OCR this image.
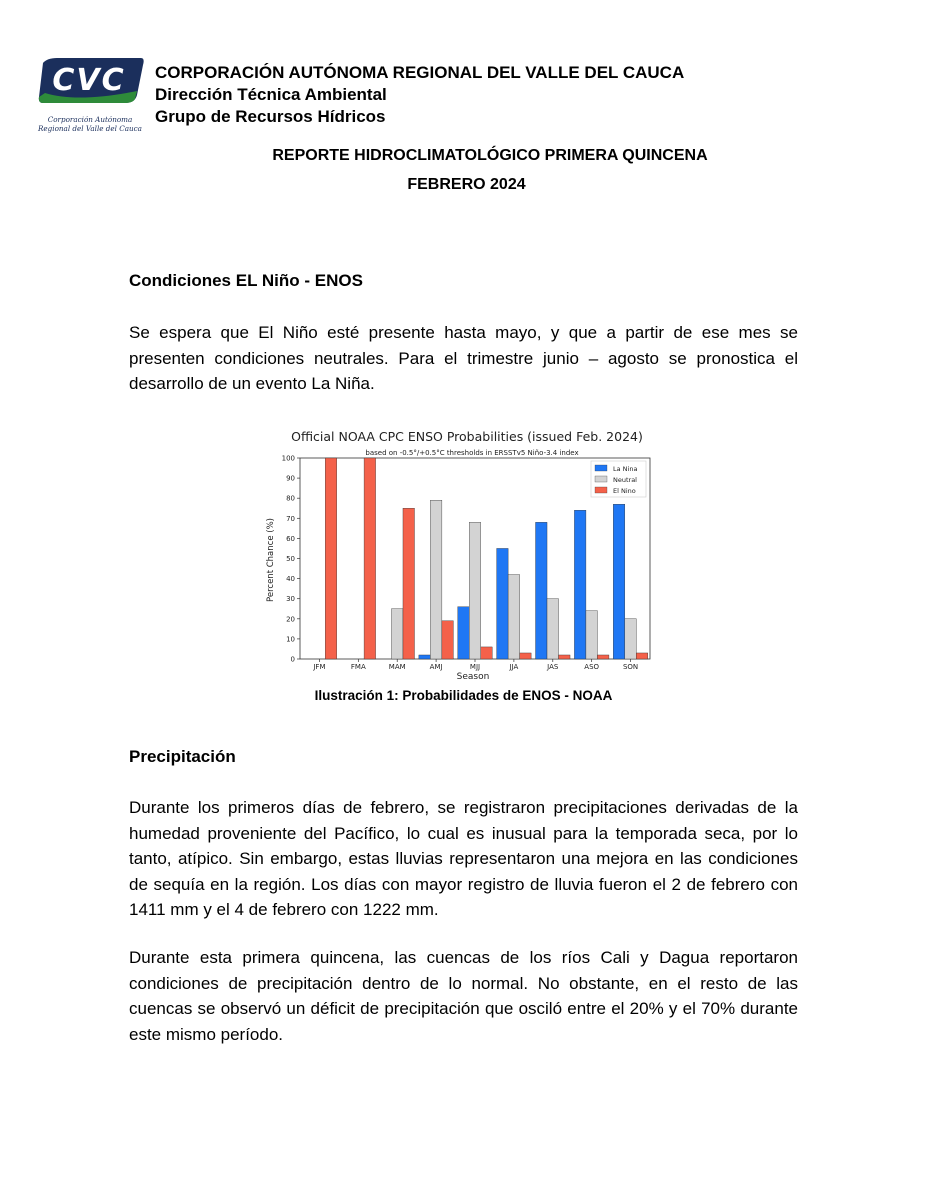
CVC
Corporación Autónoma
Regional del Valle del Cauca
CORPORACIÓN AUTÓNOMA REGIONAL DEL VALLE DEL CAUCA
Dirección Técnica Ambiental
Grupo de Recursos Hídricos
REPORTE HIDROCLIMATOLÓGICO PRIMERA QUINCENA
FEBRERO 2024
Condiciones EL Niño - ENOS

Se espera que El Niño esté presente hasta mayo, y que a partir de ese mes se presenten condiciones neutrales. Para el trimestre junio – agosto se pronostica el desarrollo de un evento La Niña.

Official NOAA CPC ENSO Probabilities (issued Feb. 2024)
based on -0.5°/+0.5°C thresholds in ERSSTv5 Niño-3.4 index
Percent Chance (%)
Season
0
10
20
30
40
50
60
70
80
90
100
JFM	FMA	MAM	AMJ	MJJ	JJA	JAS	ASO	SON
La Nina
Neutral
El Nino
Ilustración 1: Probabilidades de ENOS - NOAA
Precipitación

Durante los primeros días de febrero, se registraron precipitaciones derivadas de la humedad proveniente del Pacífico, lo cual es inusual para la temporada seca, por lo tanto, atípico. Sin embargo, estas lluvias representaron una mejora en las condiciones de sequía en la región. Los días con mayor registro de lluvia fueron el 2 de febrero con 1411 mm y el 4 de febrero con 1222 mm.

Durante esta primera quincena, las cuencas de los ríos Cali y Dagua reportaron condiciones de precipitación dentro de lo normal. No obstante, en el resto de las cuencas se observó un déficit de precipitación que osciló entre el 20% y el 70% durante este mismo período.
